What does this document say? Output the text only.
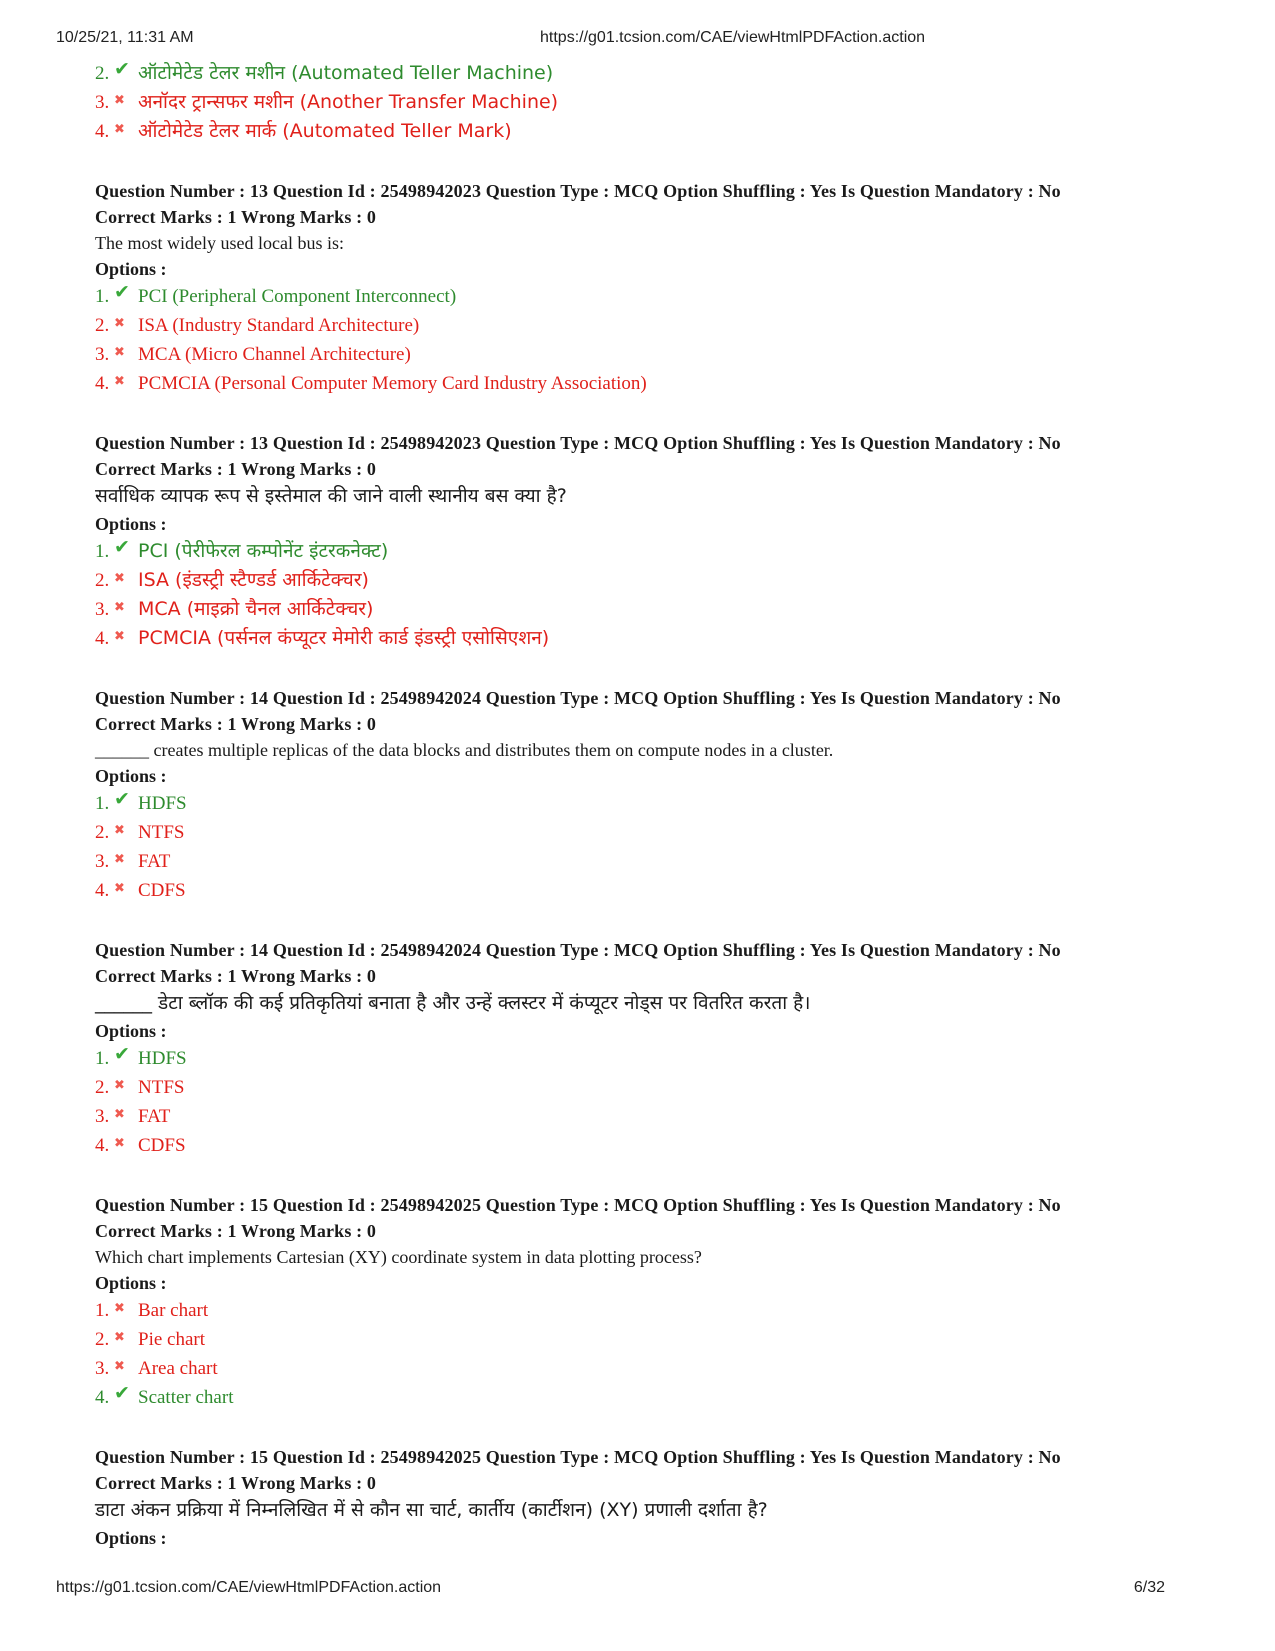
10/25/21, 11:31 AM	https://g01.tcsion.com/CAE/viewHtmlPDFAction.action
2. ✔ ऑटोमेटेड टेलर मशीन (Automated Teller Machine)
3. ✖ अनॉदर ट्रान्सफर मशीन (Another Transfer Machine)
4. ✖ ऑटोमेटेड टेलर मार्क (Automated Teller Mark)
Question Number : 13 Question Id : 25498942023 Question Type : MCQ Option Shuffling : Yes Is Question Mandatory : No
Correct Marks : 1 Wrong Marks : 0
The most widely used local bus is:
Options :
1. ✔ PCI (Peripheral Component Interconnect)
2. ✖ ISA (Industry Standard Architecture)
3. ✖ MCA (Micro Channel Architecture)
4. ✖ PCMCIA (Personal Computer Memory Card Industry Association)
Question Number : 13 Question Id : 25498942023 Question Type : MCQ Option Shuffling : Yes Is Question Mandatory : No
Correct Marks : 1 Wrong Marks : 0
सर्वाधिक व्यापक रूप से इस्तेमाल की जाने वाली स्थानीय बस क्या है?
Options :
1. ✔ PCI (पेरीफेरल कम्पोनेंट इंटरकनेक्ट)
2. ✖ ISA (इंडस्ट्री स्टैण्डर्ड आर्किटेक्चर)
3. ✖ MCA (माइक्रो चैनल आर्किटेक्चर)
4. ✖ PCMCIA (पर्सनल कंप्यूटर मेमोरी कार्ड इंडस्ट्री एसोसिएशन)
Question Number : 14 Question Id : 25498942024 Question Type : MCQ Option Shuffling : Yes Is Question Mandatory : No
Correct Marks : 1 Wrong Marks : 0
______ creates multiple replicas of the data blocks and distributes them on compute nodes in a cluster.
Options :
1. ✔ HDFS
2. ✖ NTFS
3. ✖ FAT
4. ✖ CDFS
Question Number : 14 Question Id : 25498942024 Question Type : MCQ Option Shuffling : Yes Is Question Mandatory : No
Correct Marks : 1 Wrong Marks : 0
______ डेटा ब्लॉक की कई प्रतिकृतियां बनाता है और उन्हें क्लस्टर में कंप्यूटर नोड्स पर वितरित करता है।
Options :
1. ✔ HDFS
2. ✖ NTFS
3. ✖ FAT
4. ✖ CDFS
Question Number : 15 Question Id : 25498942025 Question Type : MCQ Option Shuffling : Yes Is Question Mandatory : No
Correct Marks : 1 Wrong Marks : 0
Which chart implements Cartesian (XY) coordinate system in data plotting process?
Options :
1. ✖ Bar chart
2. ✖ Pie chart
3. ✖ Area chart
4. ✔ Scatter chart
Question Number : 15 Question Id : 25498942025 Question Type : MCQ Option Shuffling : Yes Is Question Mandatory : No
Correct Marks : 1 Wrong Marks : 0
डाटा अंकन प्रक्रिया में निम्नलिखित में से कौन सा चार्ट, कार्तीय (कार्टीशन) (XY) प्रणाली दर्शाता है?
Options :
https://g01.tcsion.com/CAE/viewHtmlPDFAction.action	6/32
